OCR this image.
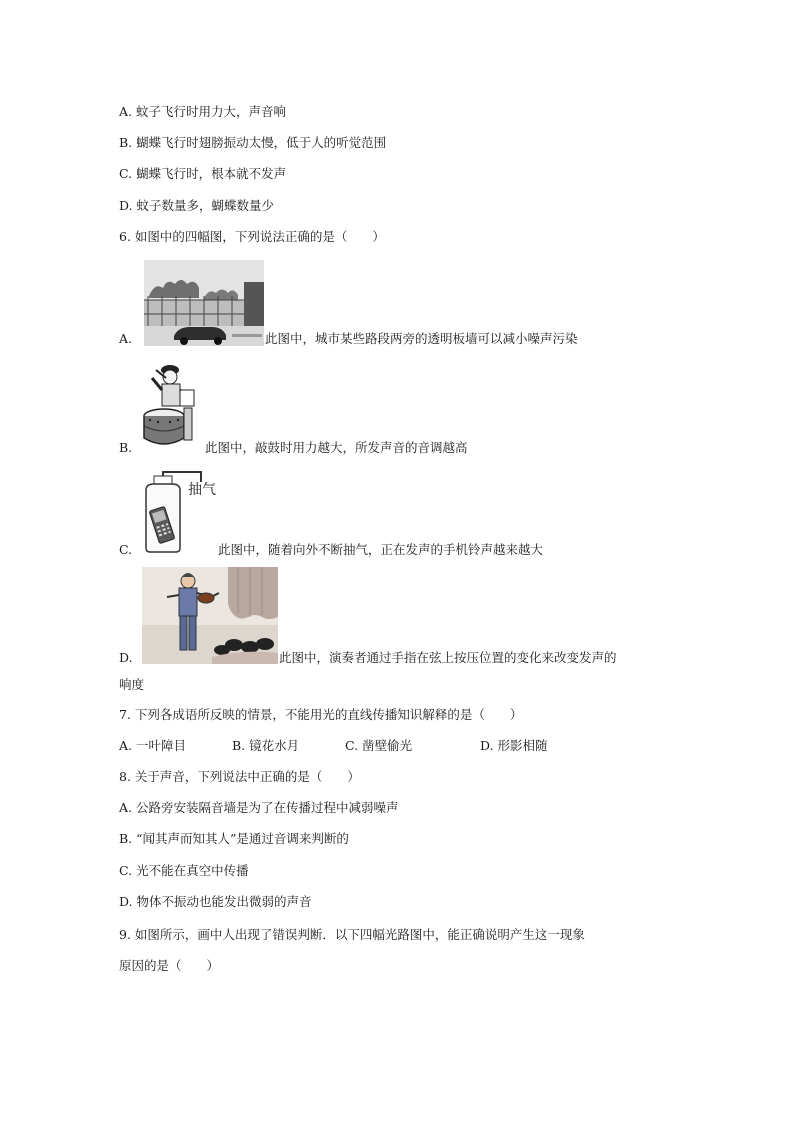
A. 蚊子飞行时用力大，声音响
B. 蝴蝶飞行时翅膀振动太慢，低于人的听觉范围
C. 蝴蝶飞行时，根本就不发声
D. 蚊子数量多，蝴蝶数量少
6. 如图中的四幅图，下列说法正确的是（　　）
A.	此图中，城市某些路段两旁的透明板墙可以减小噪声污染
B.	此图中，敲鼓时用力越大，所发声音的音调越高
抽气
C.	此图中，随着向外不断抽气，正在发声的手机铃声越来越大
D.	此图中，演奏者通过手指在弦上按压位置的变化来改变发声的
响度
7. 下列各成语所反映的情景，不能用光的直线传播知识解释的是（　　）
A. 一叶障目	B. 镜花水月	C. 凿壁偷光	D. 形影相随
8. 关于声音，下列说法中正确的是（　　）
A. 公路旁安装隔音墙是为了在传播过程中减弱噪声
B. “闻其声而知其人”是通过音调来判断的
C. 光不能在真空中传播
D. 物体不振动也能发出微弱的声音
9. 如图所示，画中人出现了错误判断．以下四幅光路图中，能正确说明产生这一现象
原因的是（　　）
